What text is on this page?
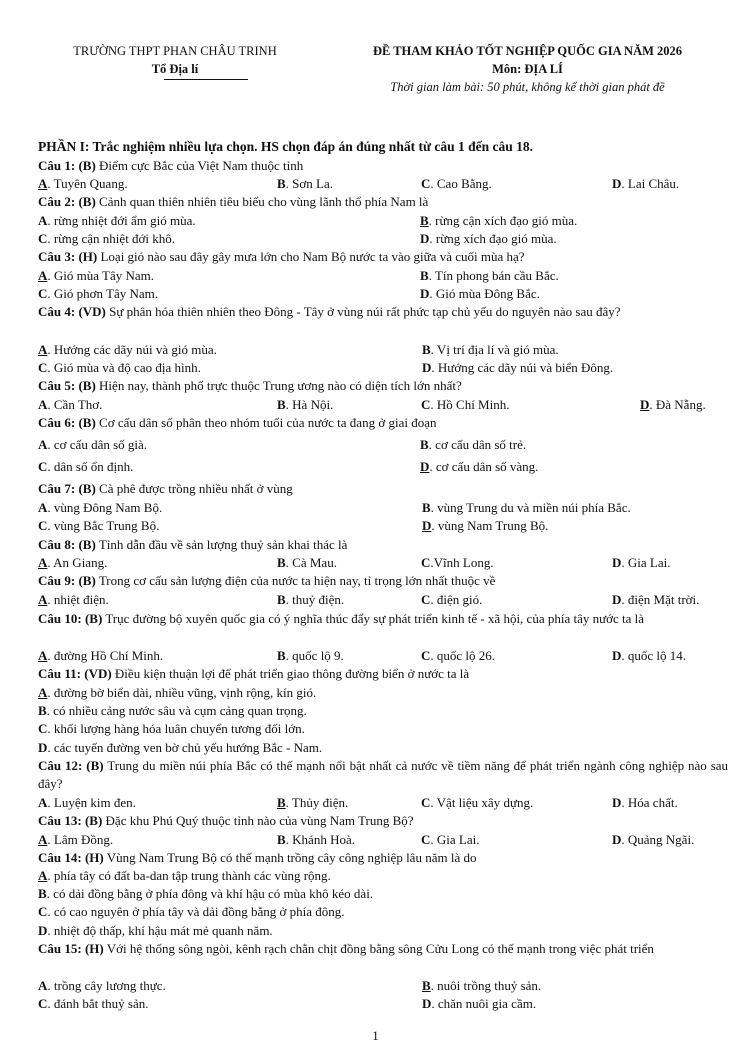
TRƯỜNG THPT PHAN CHÂU TRINH
Tổ Địa lí
ĐỀ THAM KHẢO TỐT NGHIỆP QUỐC GIA NĂM 2026
Môn: ĐỊA LÍ
Thời gian làm bài: 50 phút, không kể thời gian phát đề
PHẦN I: Trắc nghiệm nhiều lựa chọn. HS chọn đáp án đúng nhất từ câu 1 đến câu 18.
Câu 1: (B) Điểm cực Bắc của Việt Nam thuộc tỉnh
A. Tuyên Quang.	B. Sơn La.	C. Cao Bằng.	D. Lai Châu.
Câu 2: (B) Cảnh quan thiên nhiên tiêu biểu cho vùng lãnh thổ phía Nam là
A. rừng nhiệt đới ẩm gió mùa.	B. rừng cận xích đạo gió mùa.
C. rừng cận nhiệt đới khô.	D. rừng xích đạo gió mùa.
Câu 3: (H) Loại gió nào sau đây gây mưa lớn cho Nam Bộ nước ta vào giữa và cuối mùa hạ?
A. Gió mùa Tây Nam.	B. Tín phong bán cầu Bắc.
C. Gió phơn Tây Nam.	D. Gió mùa Đông Bắc.
Câu 4: (VD) Sự phân hóa thiên nhiên theo Đông - Tây ở vùng núi rất phức tạp chủ yếu do nguyên nào sau đây?
A. Hướng các dãy núi và gió mùa.	B. Vị trí địa lí và gió mùa.
C. Gió mùa và độ cao địa hình.	D. Hướng các dãy núi và biển Đông.
Câu 5: (B) Hiện nay, thành phố trực thuộc Trung ương nào có diện tích lớn nhất?
A. Cần Thơ.	B. Hà Nội.	C. Hồ Chí Minh.	D. Đà Nẵng.
Câu 6: (B) Cơ cấu dân số phân theo nhóm tuổi của nước ta đang ở giai đoạn
A. cơ cấu dân số già.	B. cơ cấu dân số trẻ.
C. dân số ổn định.	D. cơ cấu dân số vàng.
Câu 7: (B) Cà phê được trồng nhiều nhất ở vùng
A. vùng Đông Nam Bộ.	B. vùng Trung du và miền núi phía Bắc.
C. vùng Bắc Trung Bộ.	D. vùng Nam Trung Bộ.
Câu 8: (B) Tỉnh dẫn đầu về sản lượng thuỷ sản khai thác là
A. An Giang.	B. Cà Mau.	C.Vĩnh Long.	D. Gia Lai.
Câu 9: (B) Trong cơ cấu sản lượng điện của nước ta hiện nay, tỉ trọng lớn nhất thuộc về
A. nhiệt điện.	B. thuỷ điện.	C. điện gió.	D. điện Mặt trời.
Câu 10: (B) Trục đường bộ xuyên quốc gia có ý nghĩa thúc đẩy sự phát triển kinh tế - xã hội, của phía tây nước ta là
A. đường Hồ Chí Minh.	B. quốc lộ 9.	C. quốc lộ 26.	D. quốc lộ 14.
Câu 11: (VD) Điều kiện thuận lợi để phát triển giao thông đường biển ở nước ta là
A. đường bờ biển dài, nhiều vũng, vịnh rộng, kín gió.
B. có nhiều cảng nước sâu và cụm cảng quan trọng.
C. khối lượng hàng hóa luân chuyển tương đối lớn.
D. các tuyến đường ven bờ chủ yếu hướng Bắc - Nam.
Câu 12: (B) Trung du miền núi phía Bắc có thế mạnh nổi bật nhất cả nước về tiềm năng để phát triển ngành công nghiệp nào sau đây?
A. Luyện kim đen.	B. Thủy điện.	C. Vật liệu xây dựng.	D. Hóa chất.
Câu 13: (B) Đặc khu Phú Quý thuộc tỉnh nào của vùng Nam Trung Bộ?
A. Lâm Đồng.	B. Khánh Hoà.	C. Gia Lai.	D. Quảng Ngãi.
Câu 14: (H) Vùng Nam Trung Bộ có thế mạnh trồng cây công nghiệp lâu năm là do
A. phía tây có đất ba-dan tập trung thành các vùng rộng.
B. có dải đồng bằng ở phía đông và khí hậu có mùa khô kéo dài.
C. có cao nguyên ở phía tây và dải đồng bằng ở phía đông.
D. nhiệt độ thấp, khí hậu mát mẻ quanh năm.
Câu 15: (H) Với hệ thống sông ngòi, kênh rạch chằn chịt đồng bằng sông Cửu Long có thế mạnh trong việc phát triển
A. trồng cây lương thực.	B. nuôi trồng thuỷ sản.
C. đánh bắt thuỷ sản.	D. chăn nuôi gia cầm.
1
